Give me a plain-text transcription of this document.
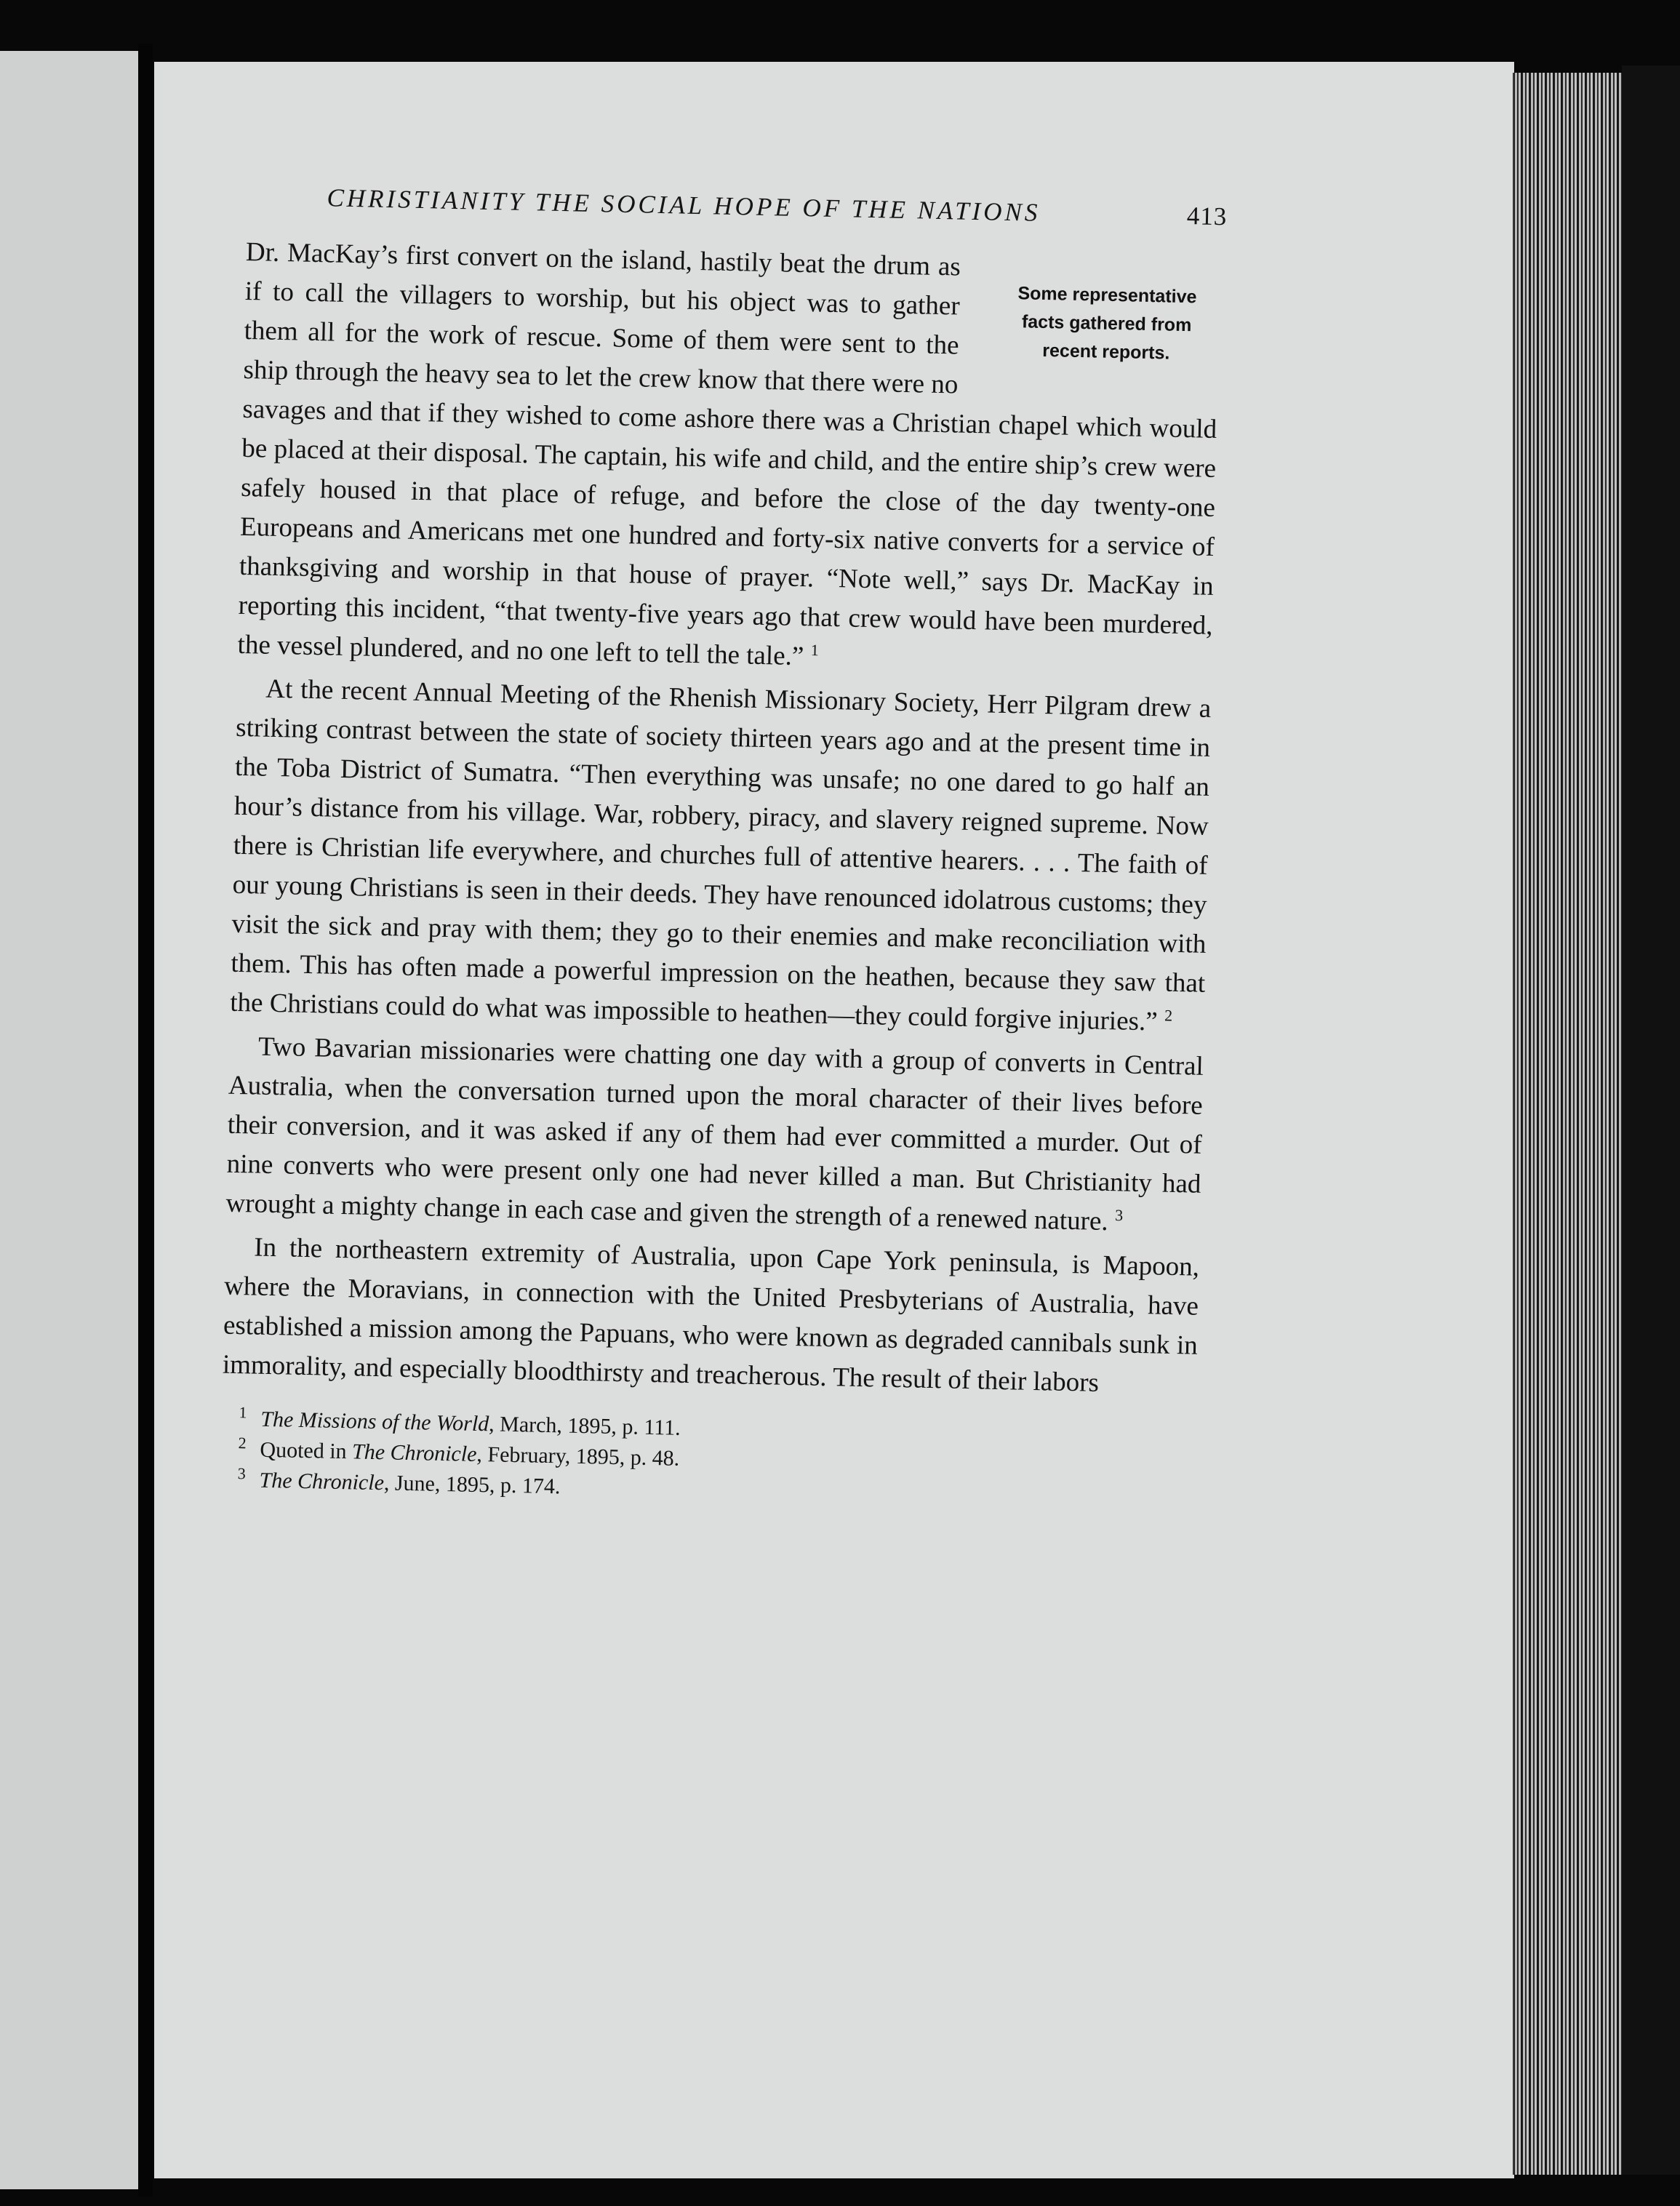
CHRISTIANITY THE SOCIAL HOPE OF THE NATIONS	413

Some representative
facts gathered from
recent reports.
Dr. MacKay’s first convert on the island, hastily beat the drum as if to call the villagers to worship, but his object was to gather them all for the work of rescue. Some of them were sent to the ship through the heavy sea to let the crew know that there were no savages and that if they wished to come ashore there was a Christian chapel which would be placed at their disposal. The captain, his wife and child, and the entire ship’s crew were safely housed in that place of refuge, and before the close of the day twenty-one Europeans and Americans met one hundred and forty-six native converts for a service of thanksgiving and worship in that house of prayer. “Note well,” says Dr. MacKay in reporting this incident, “that twenty-five years ago that crew would have been murdered, the vessel plundered, and no one left to tell the tale.” $^1$

At the recent Annual Meeting of the Rhenish Missionary Society, Herr Pilgram drew a striking contrast between the state of society thirteen years ago and at the present time in the Toba District of Sumatra. “Then everything was unsafe; no one dared to go half an hour’s distance from his village. War, robbery, piracy, and slavery reigned supreme. Now there is Christian life everywhere, and churches full of attentive hearers. . . . The faith of our young Christians is seen in their deeds. They have renounced idolatrous customs; they visit the sick and pray with them; they go to their enemies and make reconciliation with them. This has often made a powerful impression on the heathen, because they saw that the Christians could do what was impossible to heathen—they could forgive injuries.” $^2$

Two Bavarian missionaries were chatting one day with a group of converts in Central Australia, when the conversation turned upon the moral character of their lives before their conversion, and it was asked if any of them had ever committed a murder. Out of nine converts who were present only one had never killed a man. But Christianity had wrought a mighty change in each case and given the strength of a renewed nature. $^3$

In the northeastern extremity of Australia, upon Cape York peninsula, is Mapoon, where the Moravians, in connection with the United Presbyterians of Australia, have established a mission among the Papuans, who were known as degraded cannibals sunk in immorality, and especially bloodthirsty and treacherous. The result of their labors

1 The Missions of the World, March, 1895, p. 111.
2 Quoted in The Chronicle, February, 1895, p. 48.
3 The Chronicle, June, 1895, p. 174.
